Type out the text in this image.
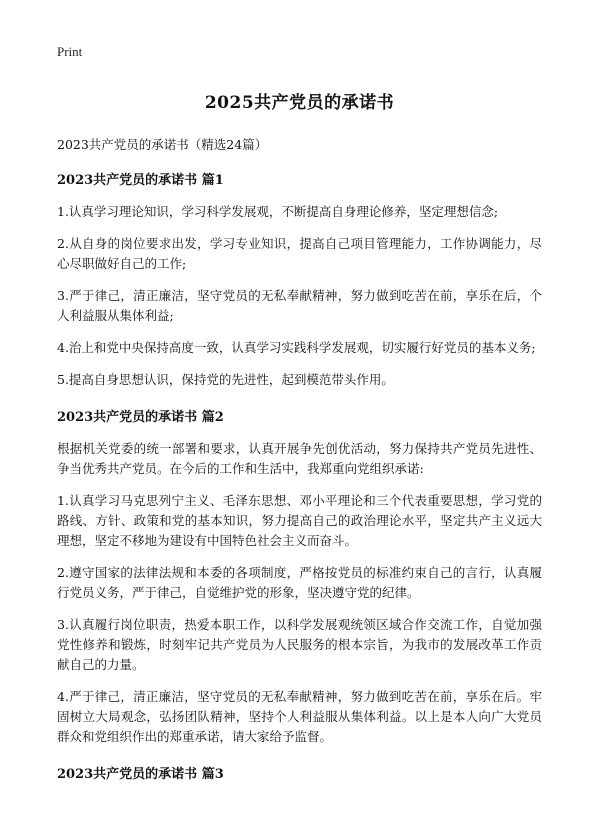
Print
2025共产党员的承诺书

2023共产党员的承诺书（精选24篇）

2023共产党员的承诺书 篇1

1.认真学习理论知识，学习科学发展观，不断提高自身理论修养，坚定理想信念;

2.从自身的岗位要求出发，学习专业知识，提高自己项目管理能力，工作协调能力，尽心尽职做好自己的工作;

3.严于律己，清正廉洁，坚守党员的无私奉献精神，努力做到吃苦在前，享乐在后，个人利益服从集体利益;

4.治上和党中央保持高度一致，认真学习实践科学发展观，切实履行好党员的基本义务;

5.提高自身思想认识，保持党的先进性，起到模范带头作用。

2023共产党员的承诺书 篇2

根据机关党委的统一部署和要求，认真开展争先创优活动，努力保持共产党员先进性、争当优秀共产党员。在今后的工作和生活中，我郑重向党组织承诺:

1.认真学习马克思列宁主义、毛泽东思想、邓小平理论和三个代表重要思想，学习党的路线、方针、政策和党的基本知识，努力提高自己的政治理论水平，坚定共产主义远大理想，坚定不移地为建设有中国特色社会主义而奋斗。

2.遵守国家的法律法规和本委的各项制度，严格按党员的标准约束自己的言行，认真履行党员义务，严于律己，自觉维护党的形象，坚决遵守党的纪律。

3.认真履行岗位职责，热爱本职工作，以科学发展观统领区域合作交流工作，自觉加强党性修养和锻炼，时刻牢记共产党员为人民服务的根本宗旨，为我市的发展改革工作贡献自己的力量。

4.严于律己，清正廉洁，坚守党员的无私奉献精神，努力做到吃苦在前，享乐在后。牢固树立大局观念，弘扬团队精神，坚持个人利益服从集体利益。以上是本人向广大党员群众和党组织作出的郑重承诺，请大家给予监督。

2023共产党员的承诺书 篇3
